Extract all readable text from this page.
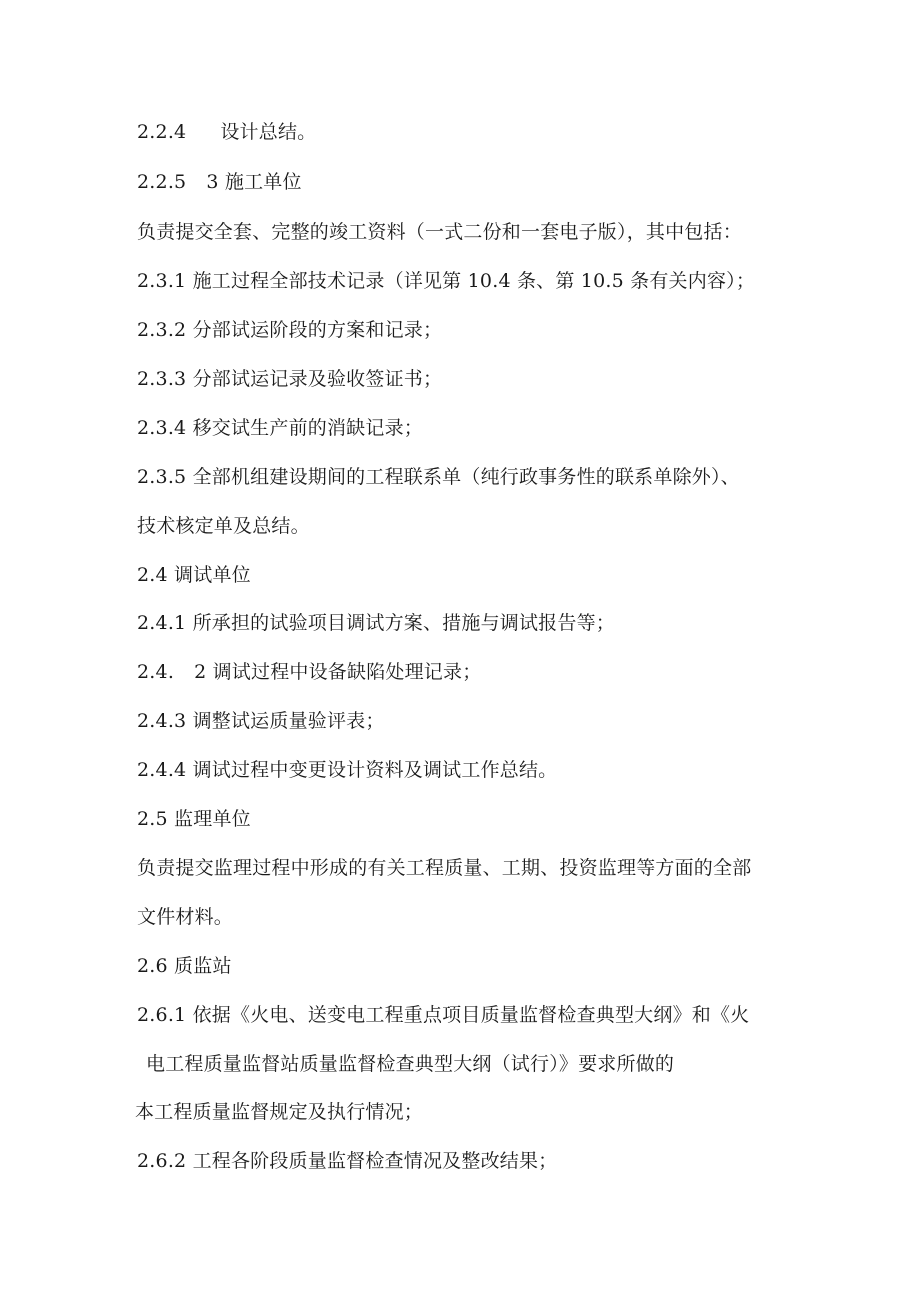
2.2.4 设计总结。
2.2.5 3 施工单位
负责提交全套、完整的竣工资料（一式二份和一套电子版），其中包括：
2.3.1 施工过程全部技术记录（详见第 10.4 条、第 10.5 条有关内容）；
2.3.2 分部试运阶段的方案和记录；
2.3.3 分部试运记录及验收签证书；
2.3.4 移交试生产前的消缺记录；
2.3.5 全部机组建设期间的工程联系单（纯行政事务性的联系单除外）、
技术核定单及总结。
2.4 调试单位
2.4.1 所承担的试验项目调试方案、措施与调试报告等；
2.4. 2 调试过程中设备缺陷处理记录；
2.4.3 调整试运质量验评表；
2.4.4 调试过程中变更设计资料及调试工作总结。
2.5 监理单位
负责提交监理过程中形成的有关工程质量、工期、投资监理等方面的全部
文件材料。
2.6 质监站
2.6.1 依据《火电、送变电工程重点项目质量监督检查典型大纲》和《火
电工程质量监督站质量监督检查典型大纲（试行）》要求所做的
本工程质量监督规定及执行情况；
2.6.2 工程各阶段质量监督检查情况及整改结果；
